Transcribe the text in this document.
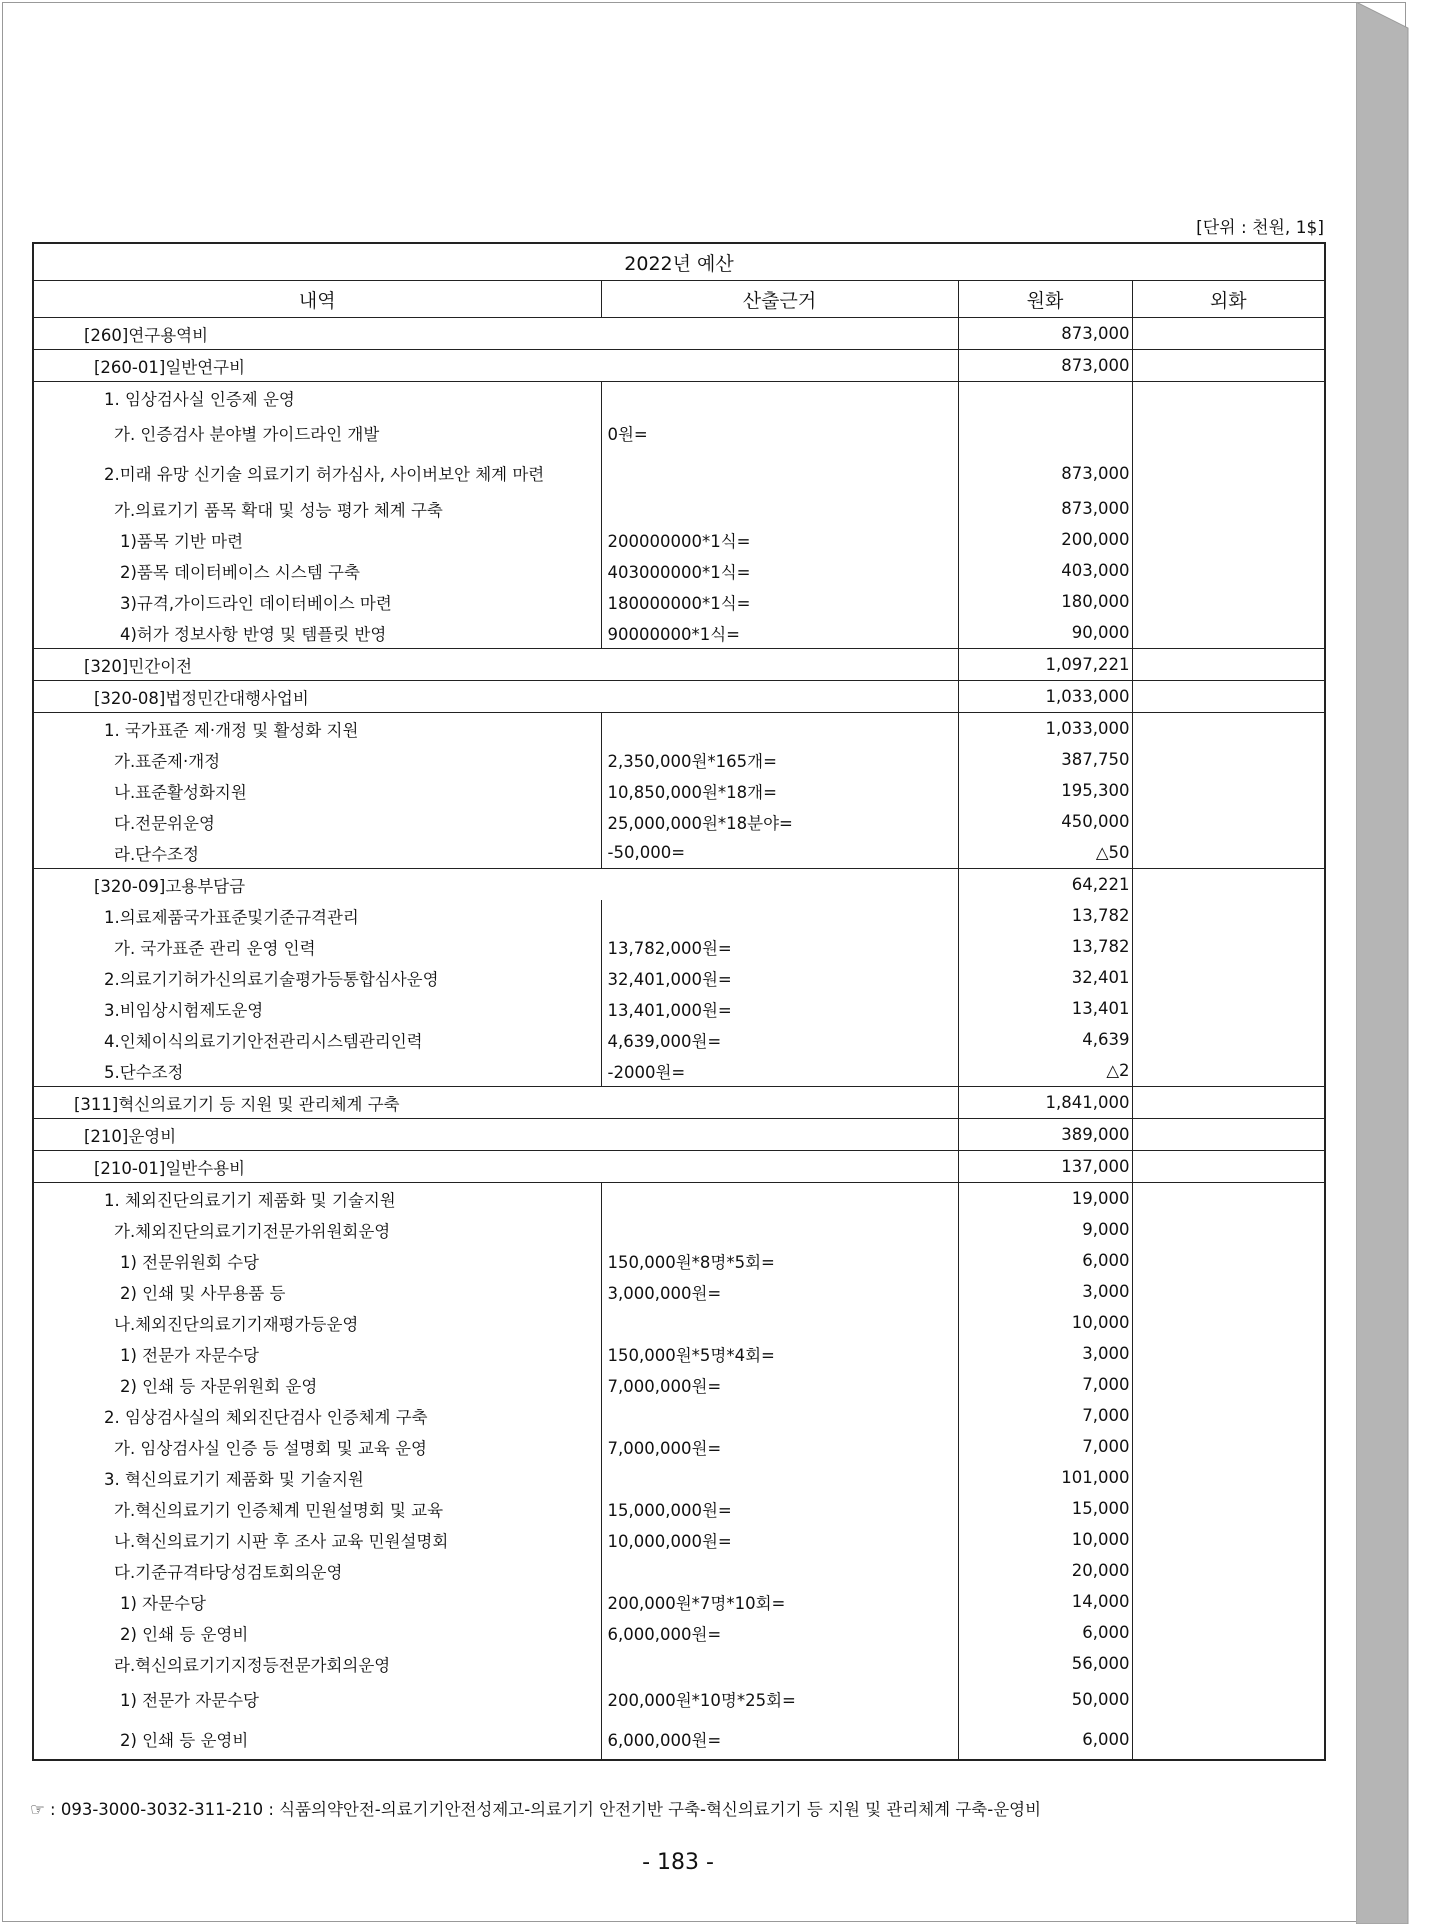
[단위 : 천원, 1$]
2022년 예산			
내역	산출근거	원화	외화
[260]연구용역비		873,000	
[260-01]일반연구비		873,000	
1. 임상검사실 인증제 운영			
가. 인증검사 분야별 가이드라인 개발	0원=		
2.미래 유망 신기술 의료기기 허가심사, 사이버보안 체계 마련		873,000	
가.의료기기 품목 확대 및 성능 평가 체계 구축		873,000	
1)품목 기반 마련	200000000*1식=	200,000	
2)품목 데이터베이스 시스템 구축	403000000*1식=	403,000	
3)규격,가이드라인 데이터베이스 마련	180000000*1식=	180,000	
4)허가 정보사항 반영 및 템플릿 반영	90000000*1식=	90,000	
[320]민간이전		1,097,221	
[320-08]법정민간대행사업비		1,033,000	
1. 국가표준 제·개정 및 활성화 지원		1,033,000	
가.표준제·개정	2,350,000원*165개=	387,750	
나.표준활성화지원	10,850,000원*18개=	195,300	
다.전문위운영	25,000,000원*18분야=	450,000	
라.단수조정	-50,000=	△50	
[320-09]고용부담금		64,221	
1.의료제품국가표준및기준규격관리		13,782	
가. 국가표준 관리 운영 인력	13,782,000원=	13,782	
2.의료기기허가신의료기술평가등통합심사운영	32,401,000원=	32,401	
3.비임상시험제도운영	13,401,000원=	13,401	
4.인체이식의료기기안전관리시스템관리인력	4,639,000원=	4,639	
5.단수조정	-2000원=	△2	
[311]혁신의료기기 등 지원 및 관리체계 구축		1,841,000	
[210]운영비		389,000	
[210-01]일반수용비		137,000	
1. 체외진단의료기기 제품화 및 기술지원		19,000	
가.체외진단의료기기전문가위원회운영		9,000	
1) 전문위원회 수당	150,000원*8명*5회=	6,000	
2) 인쇄 및 사무용품 등	3,000,000원=	3,000	
나.체외진단의료기기재평가등운영		10,000	
1) 전문가 자문수당	150,000원*5명*4회=	3,000	
2) 인쇄 등 자문위원회 운영	7,000,000원=	7,000	
2. 임상검사실의 체외진단검사 인증체계 구축		7,000	
가. 임상검사실 인증 등 설명회 및 교육 운영	7,000,000원=	7,000	
3. 혁신의료기기 제품화 및 기술지원		101,000	
가.혁신의료기기 인증체계 민원설명회 및 교육	15,000,000원=	15,000	
나.혁신의료기기 시판 후 조사 교육 민원설명회	10,000,000원=	10,000	
다.기준규격타당성검토회의운영		20,000	
1) 자문수당	200,000원*7명*10회=	14,000	
2) 인쇄 등 운영비	6,000,000원=	6,000	
라.혁신의료기기지정등전문가회의운영		56,000	
1) 전문가 자문수당	200,000원*10명*25회=	50,000	
2) 인쇄 등 운영비	6,000,000원=	6,000	
☞ : 093-3000-3032-311-210 : 식품의약안전-의료기기안전성제고-의료기기 안전기반 구축-혁신의료기기 등 지원 및 관리체계 구축-운영비
- 183 -
